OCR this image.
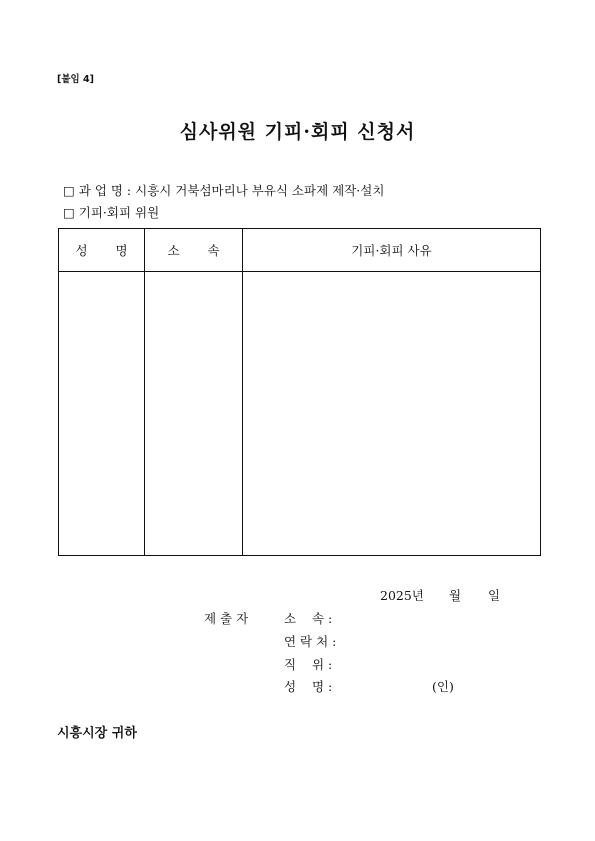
[붙임 4]
심사위원 기피·회피 신청서
□ 과 업 명 : 시흥시 거북섬마리나 부유식 소파제 제작·설치
□ 기피·회피 위원
성 명	소 속	기피·회피 사유

2025년 월 일
제 출 자	소    속 :
연 락 처 :
직    위 :
성    명 :	(인)
시흥시장 귀하
